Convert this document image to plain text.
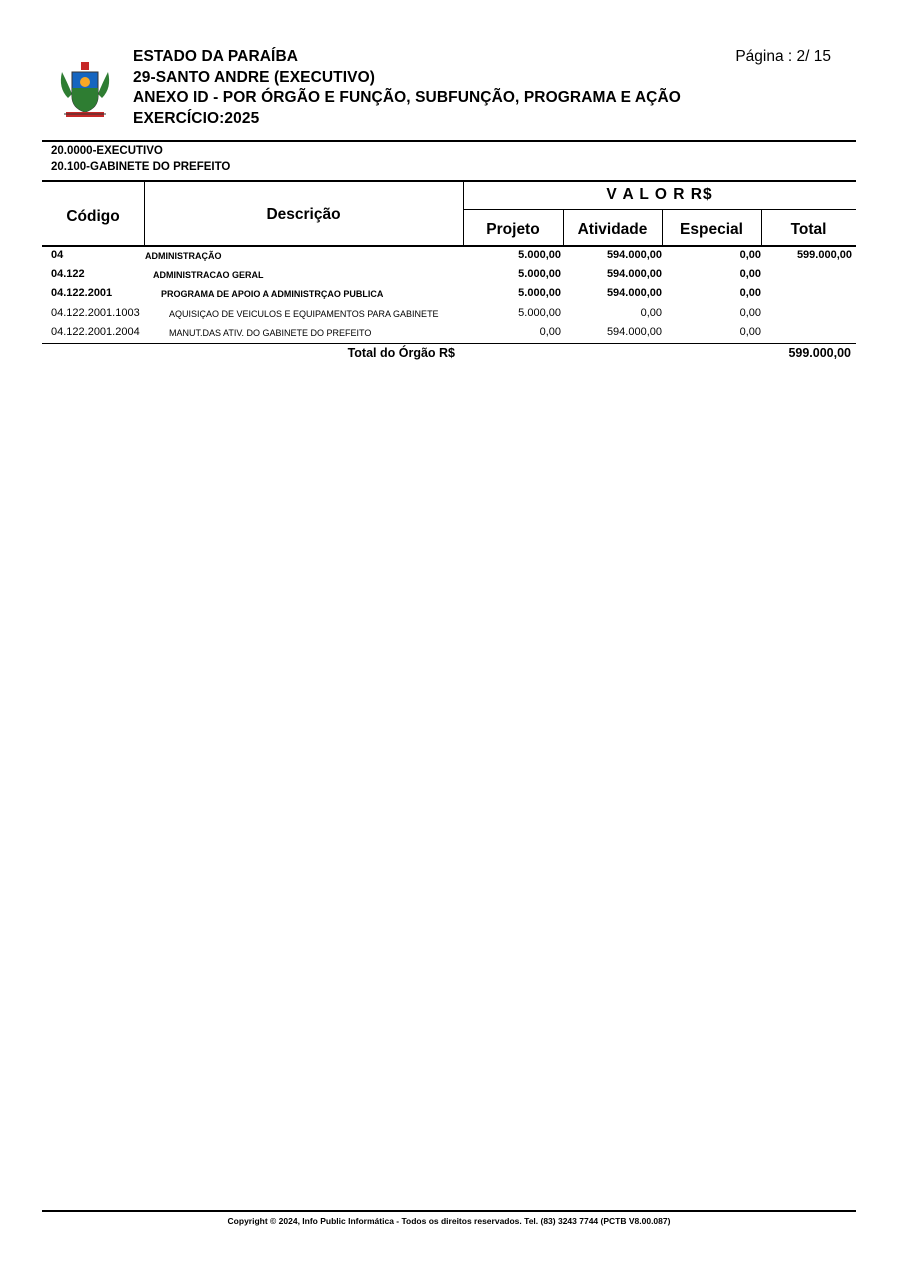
ESTADO DA PARAÍBA
29-SANTO ANDRE (EXECUTIVO)
ANEXO ID - POR ÓRGÃO E FUNÇÃO, SUBFUNÇÃO, PROGRAMA E AÇÃO
EXERCÍCIO:2025
Página : 2/ 15
20.0000-EXECUTIVO
20.100-GABINETE DO PREFEITO
Código	Descrição
V A L O R R$
Projeto	Atividade	Especial	Total
04	ADMINISTRAÇÃO	5.000,00	594.000,00	0,00	599.000,00
04.122	ADMINISTRACAO GERAL	5.000,00	594.000,00	0,00
04.122.2001	PROGRAMA DE APOIO A ADMINISTRÇAO PUBLICA	5.000,00	594.000,00	0,00
04.122.2001.1003	AQUISIÇAO DE VEICULOS E EQUIPAMENTOS PARA GABINETE	5.000,00	0,00	0,00
04.122.2001.2004	MANUT.DAS ATIV. DO GABINETE DO PREFEITO	0,00	594.000,00	0,00
Total do Órgão R$	599.000,00
Copyright © 2024, Info Public Informática - Todos os direitos reservados. Tel. (83) 3243 7744 (PCTB V8.00.087)
